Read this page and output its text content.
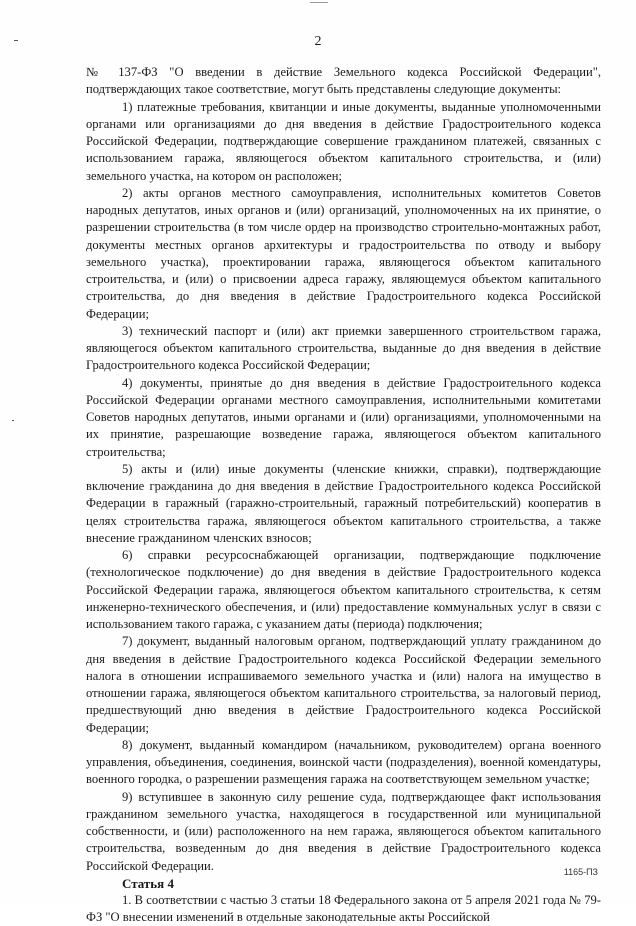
2

№ 137-ФЗ "О введении в действие Земельного кодекса Российской Федерации", подтверждающих такое соответствие, могут быть представлены следующие документы:

1) платежные требования, квитанции и иные документы, выданные уполномоченными органами или организациями до дня введения в действие Градостроительного кодекса Российской Федерации, подтверждающие совершение гражданином платежей, связанных с использованием гаража, являющегося объектом капитального строительства, и (или) земельного участка, на котором он расположен;

2) акты органов местного самоуправления, исполнительных комитетов Советов народных депутатов, иных органов и (или) организаций, уполномоченных на их принятие, о разрешении строительства (в том числе ордер на производство строительно-монтажных работ, документы местных органов архитектуры и градостроительства по отводу и выбору земельного участка), проектировании гаража, являющегося объектом капитального строительства, и (или) о присвоении адреса гаражу, являющемуся объектом капитального строительства, до дня введения в действие Градостроительного кодекса Российской Федерации;

3) технический паспорт и (или) акт приемки завершенного строительством гаража, являющегося объектом капитального строительства, выданные до дня введения в действие Градостроительного кодекса Российской Федерации;

4) документы, принятые до дня введения в действие Градостроительного кодекса Российской Федерации органами местного самоуправления, исполнительными комитетами Советов народных депутатов, иными органами и (или) организациями, уполномоченными на их принятие, разрешающие возведение гаража, являющегося объектом капитального строительства;

5) акты и (или) иные документы (членские книжки, справки), подтверждающие включение гражданина до дня введения в действие Градостроительного кодекса Российской Федерации в гаражный (гаражно-строительный, гаражный потребительский) кооператив в целях строительства гаража, являющегося объектом капитального строительства, а также внесение гражданином членских взносов;

6) справки ресурсоснабжающей организации, подтверждающие подключение (технологическое подключение) до дня введения в действие Градостроительного кодекса Российской Федерации гаража, являющегося объектом капитального строительства, к сетям инженерно-технического обеспечения, и (или) предоставление коммунальных услуг в связи с использованием такого гаража, с указанием даты (периода) подключения;

7) документ, выданный налоговым органом, подтверждающий уплату гражданином до дня введения в действие Градостроительного кодекса Российской Федерации земельного налога в отношении испрашиваемого земельного участка и (или) налога на имущество в отношении гаража, являющегося объектом капитального строительства, за налоговый период, предшествующий дню введения в действие Градостроительного кодекса Российской Федерации;

8) документ, выданный командиром (начальником, руководителем) органа военного управления, объединения, соединения, воинской части (подразделения), военной комендатуры, военного городка, о разрешении размещения гаража на соответствующем земельном участке;

9) вступившее в законную силу решение суда, подтверждающее факт использования гражданином земельного участка, находящегося в государственной или муниципальной собственности, и (или) расположенного на нем гаража, являющегося объектом капитального строительства, возведенным до дня введения в действие Градостроительного кодекса Российской Федерации.

Статья 4

1. В соответствии с частью 3 статьи 18 Федерального закона от 5 апреля 2021 года № 79-ФЗ "О внесении изменений в отдельные законодательные акты Российской

1165-ПЗ
